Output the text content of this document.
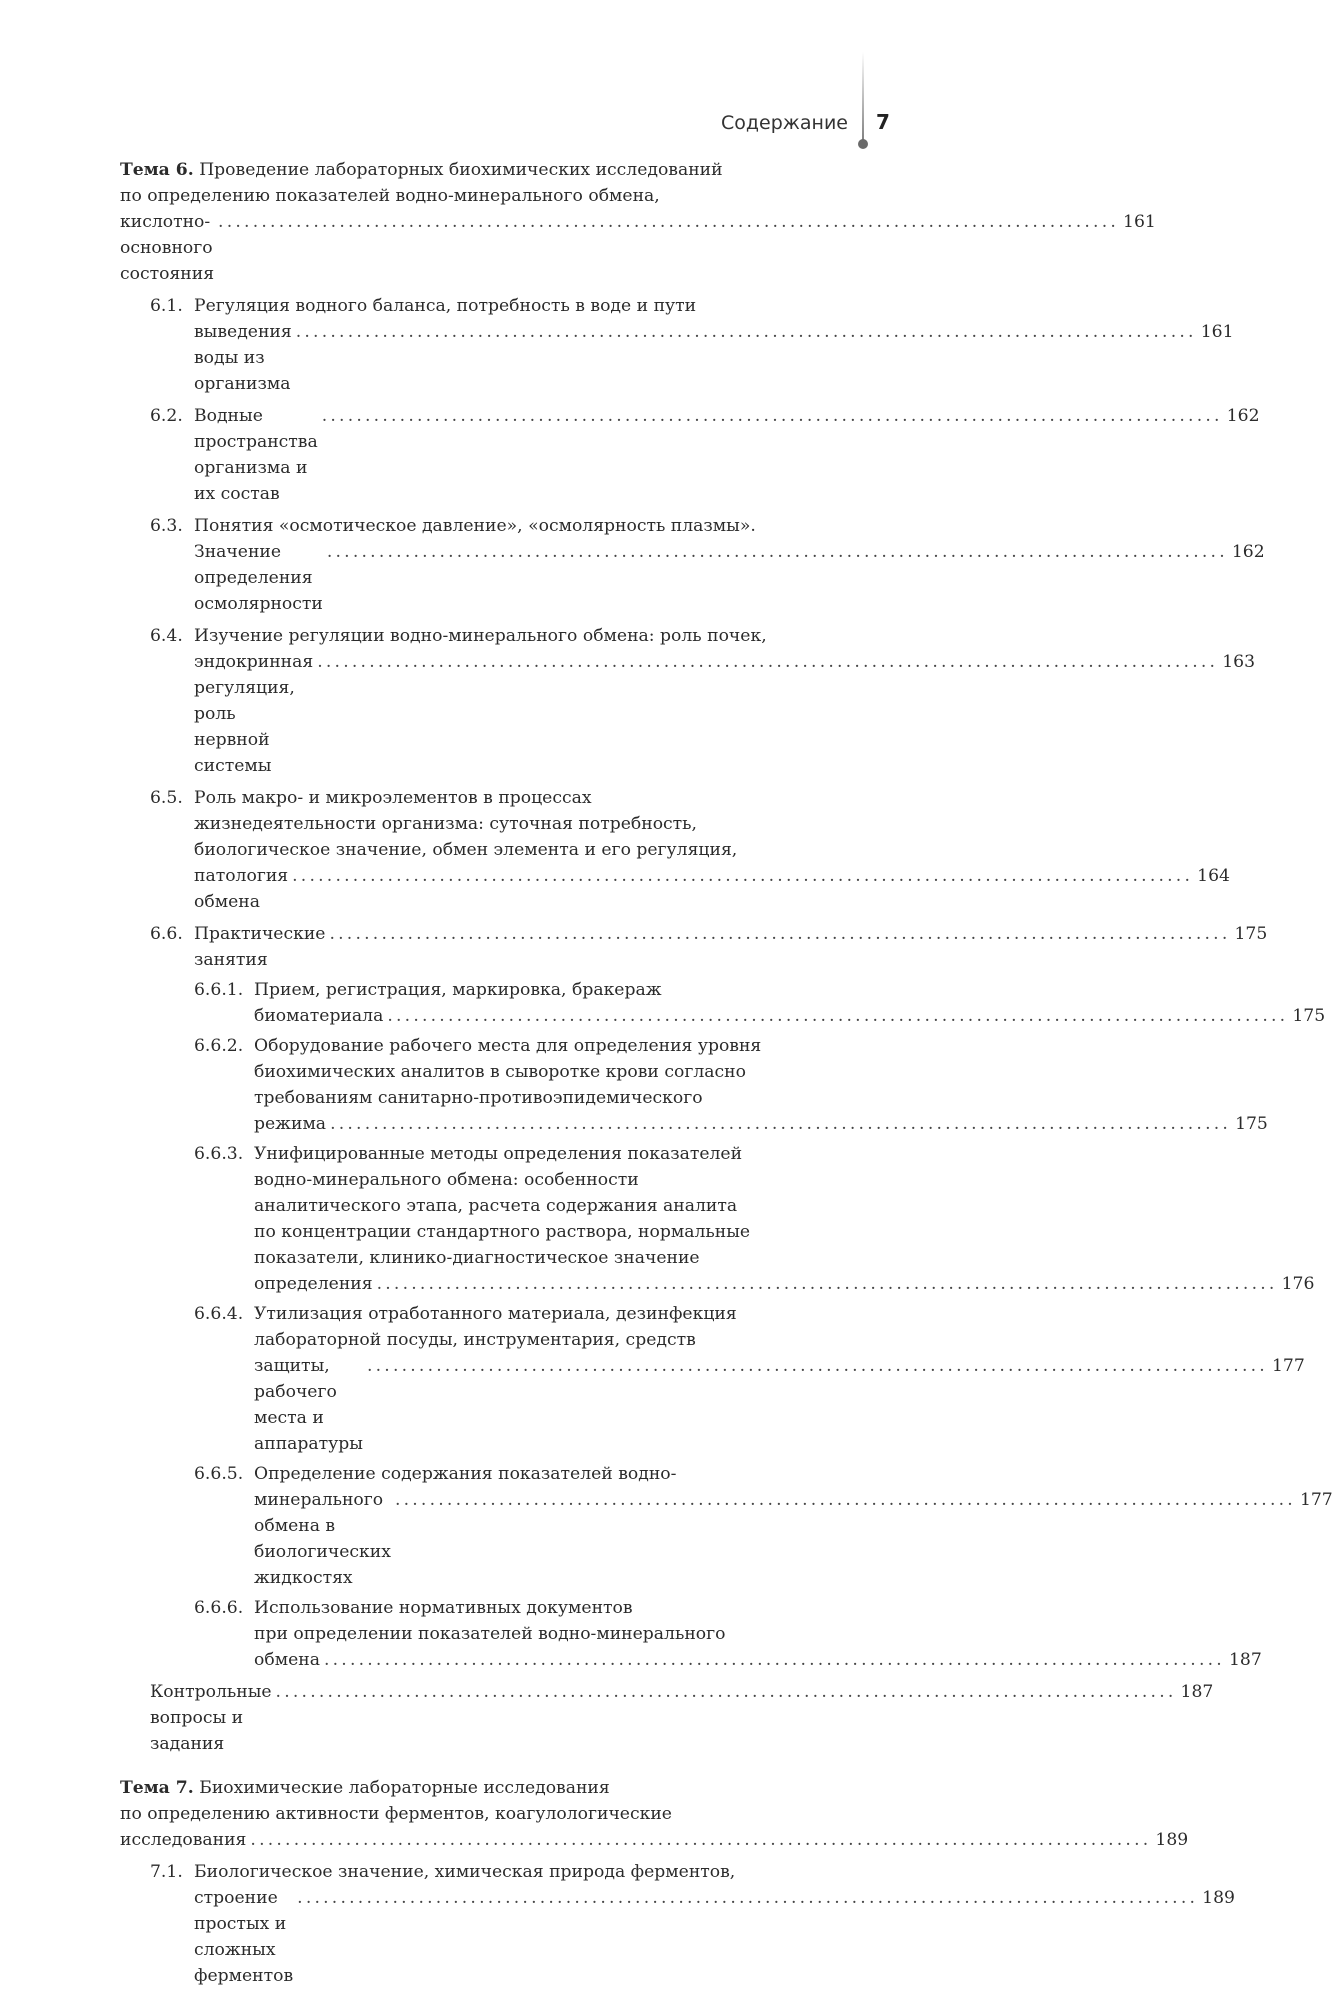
Содержание 7
Тема 6. Проведение лабораторных биохимических исследований
по определению показателей водно-минерального обмена,
кислотно-основного состояния
........................................................................................................ 161
6.1. Регуляция водного баланса, потребность в воде и пути
выведения воды из организма
........................................................................................................ 161
6.2. Водные пространства организма и их состав
........................................................................................................ 162
6.3. Понятия «осмотическое давление», «осмолярность плазмы».
Значение определения осмолярности
........................................................................................................ 162
6.4. Изучение регуляции водно-минерального обмена: роль почек,
эндокринная регуляция, роль нервной системы
........................................................................................................ 163
6.5. Роль макро- и микроэлементов в процессах
жизнедеятельности организма: суточная потребность,
биологическое значение, обмен элемента и его регуляция,
патология обмена
........................................................................................................ 164
6.6. Практические занятия
........................................................................................................ 175
6.6.1. Прием, регистрация, маркировка, бракераж
биоматериала ........................................................................................................ 175
6.6.2. Оборудование рабочего места для определения уровня
биохимических аналитов в сыворотке крови согласно
требованиям санитарно-противоэпидемического
режима ........................................................................................................ 175
6.6.3. Унифицированные методы определения показателей
водно-минерального обмена: особенности
аналитического этапа, расчета содержания аналита
по концентрации стандартного раствора, нормальные
показатели, клинико-диагностическое значение
определения ........................................................................................................ 176
6.6.4. Утилизация отработанного материала, дезинфекция
лабораторной посуды, инструментария, средств
защиты, рабочего места и аппаратуры
........................................................................................................ 177
6.6.5. Определение содержания показателей водно-
минерального обмена в биологических жидкостях
........................................................................................................ 177
6.6.6. Использование нормативных документов
при определении показателей водно-минерального
обмена ........................................................................................................ 187
Контрольные вопросы и задания
........................................................................................................ 187
Тема 7. Биохимические лабораторные исследования
по определению активности ферментов, коагулологические
исследования ........................................................................................................ 189
7.1. Биологическое значение, химическая природа ферментов,
строение простых и сложных ферментов
........................................................................................................ 189
